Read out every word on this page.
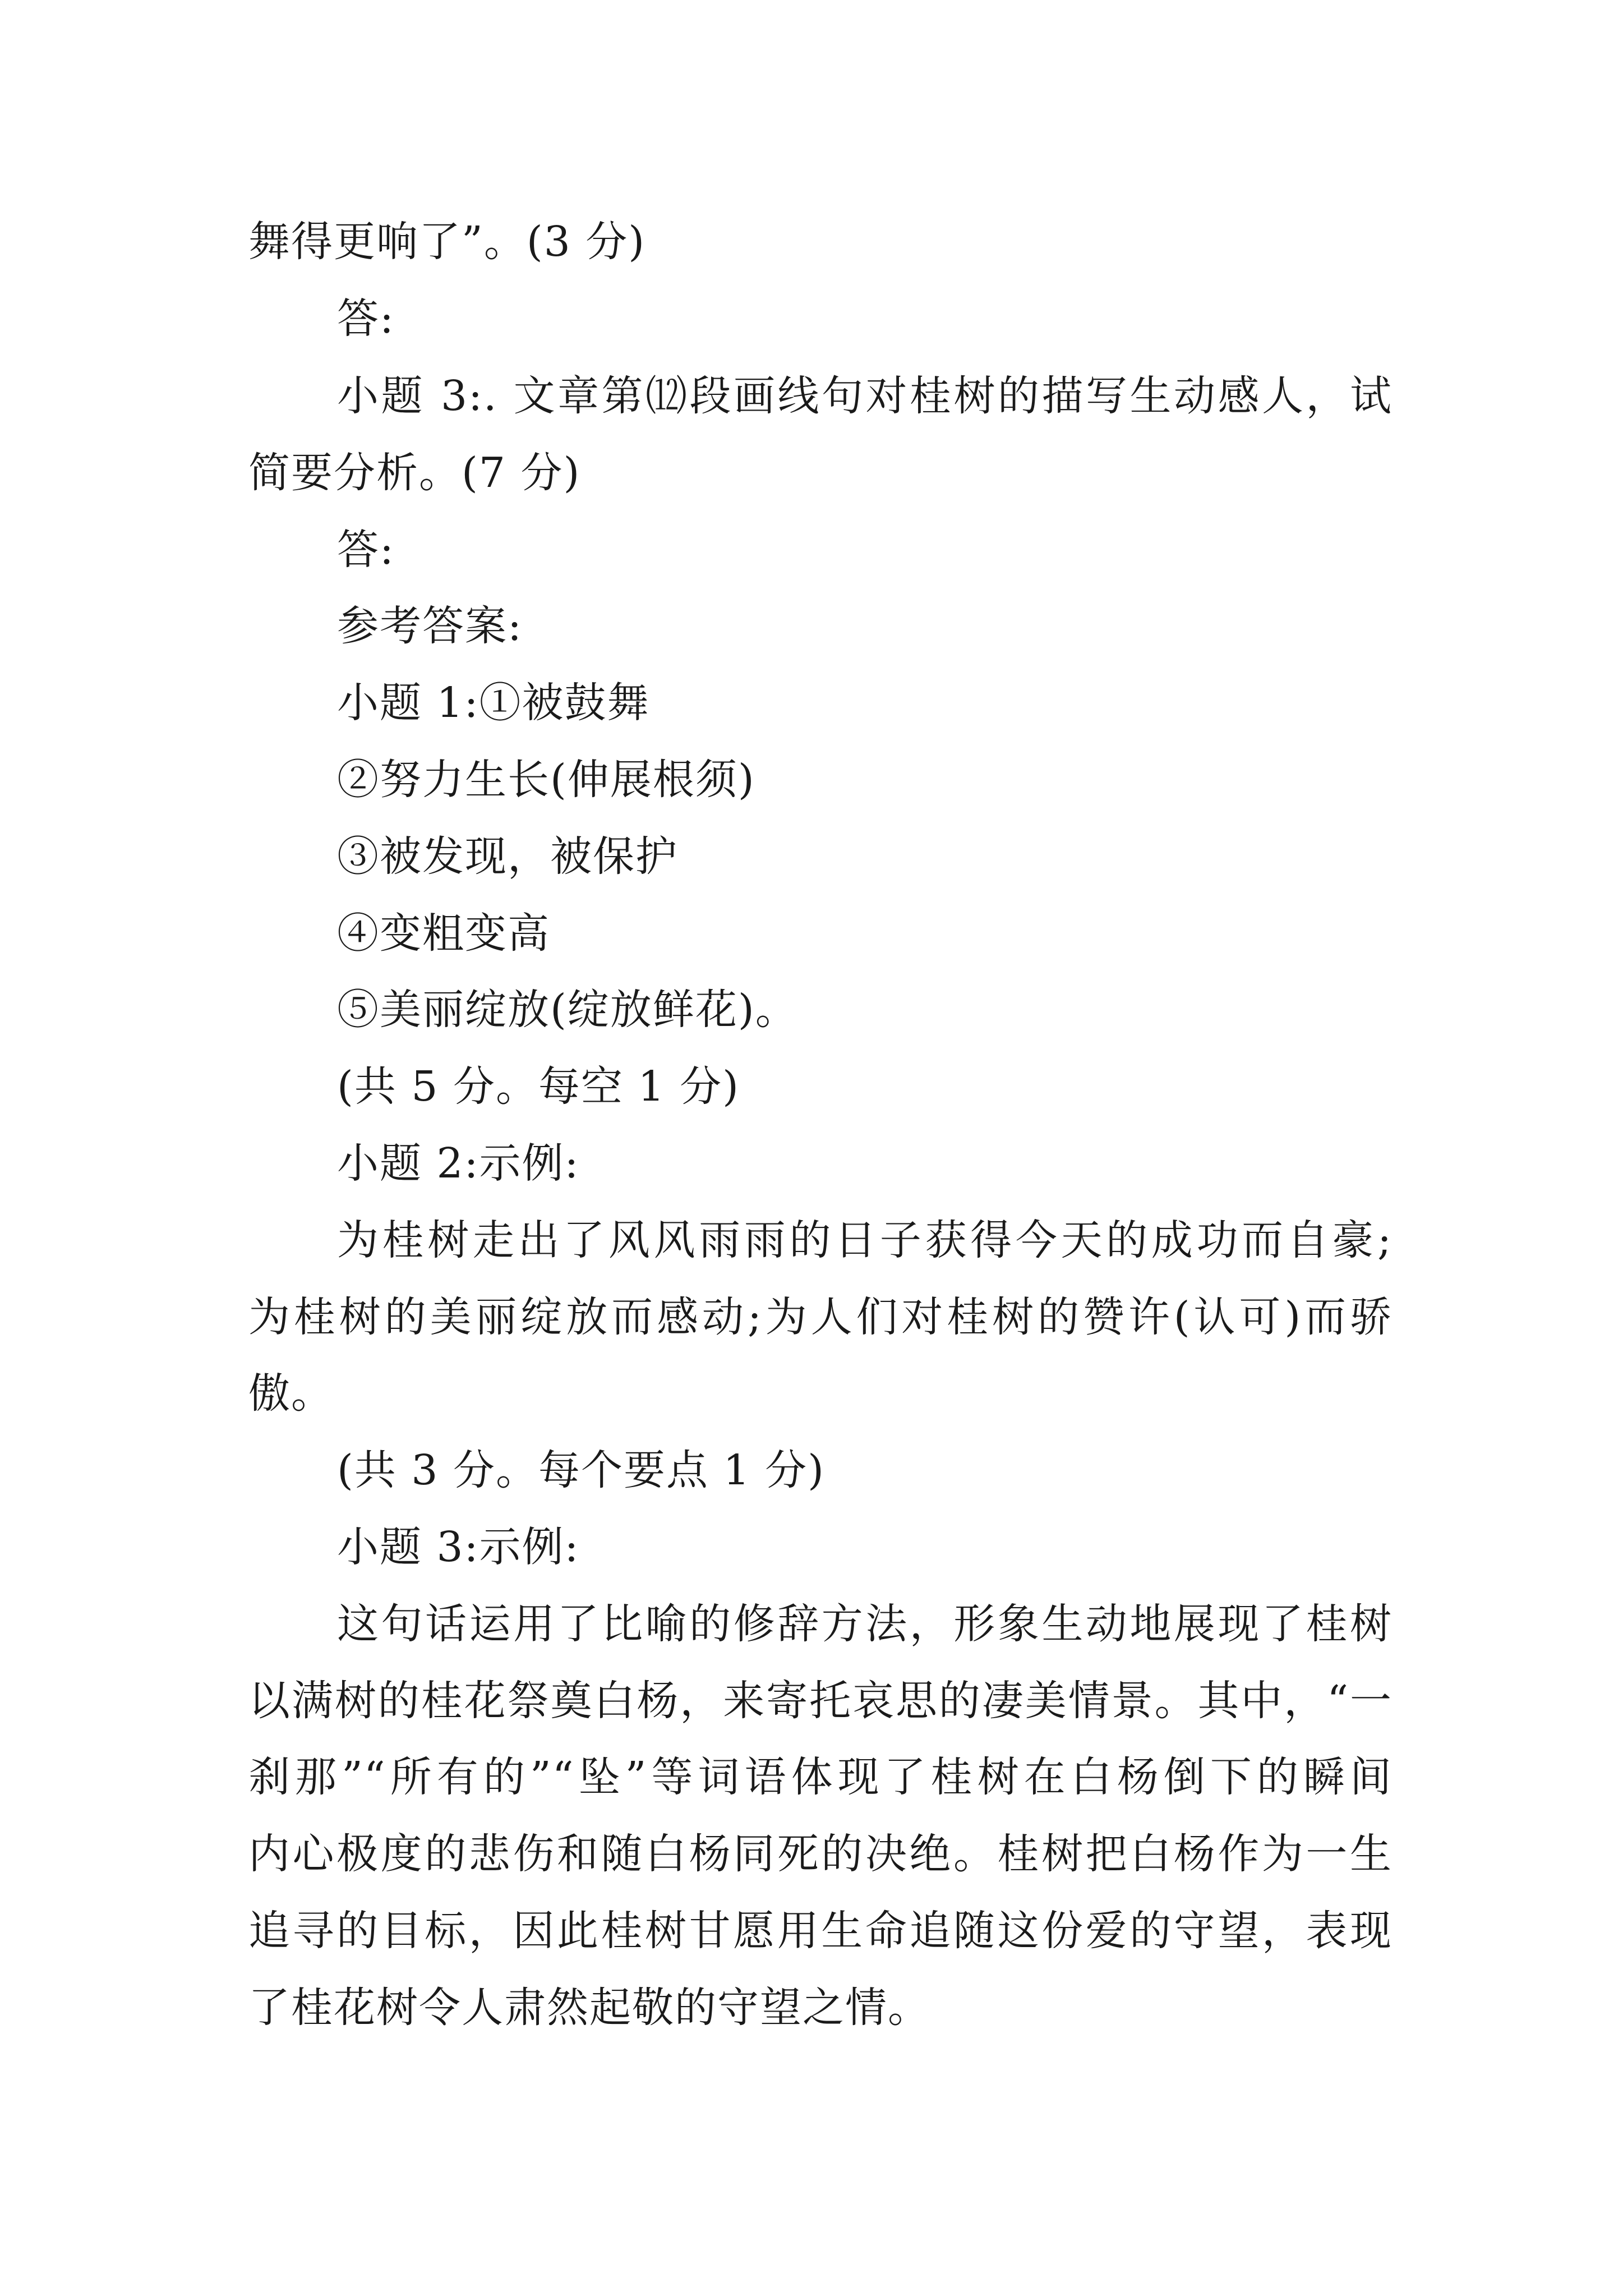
舞得更响了”。(3 分)
答:
小题 3:. 文章第⑿段画线句对桂树的描写生动感人，试
简要分析。(7 分)
答:
参考答案:
小题 1:①被鼓舞
②努力生长(伸展根须)
③被发现，被保护
④变粗变高
⑤美丽绽放(绽放鲜花)。
(共 5 分。每空 1 分)
小题 2:示例:
为桂树走出了风风雨雨的日子获得今天的成功而自豪;
为桂树的美丽绽放而感动;为人们对桂树的赞许(认可)而骄
傲。
(共 3 分。每个要点 1 分)
小题 3:示例:
这句话运用了比喻的修辞方法，形象生动地展现了桂树
以满树的桂花祭奠白杨，来寄托哀思的凄美情景。其中，“一
刹那”“所有的”“坠”等词语体现了桂树在白杨倒下的瞬间
内心极度的悲伤和随白杨同死的决绝。桂树把白杨作为一生
追寻的目标，因此桂树甘愿用生命追随这份爱的守望，表现
了桂花树令人肃然起敬的守望之情。
